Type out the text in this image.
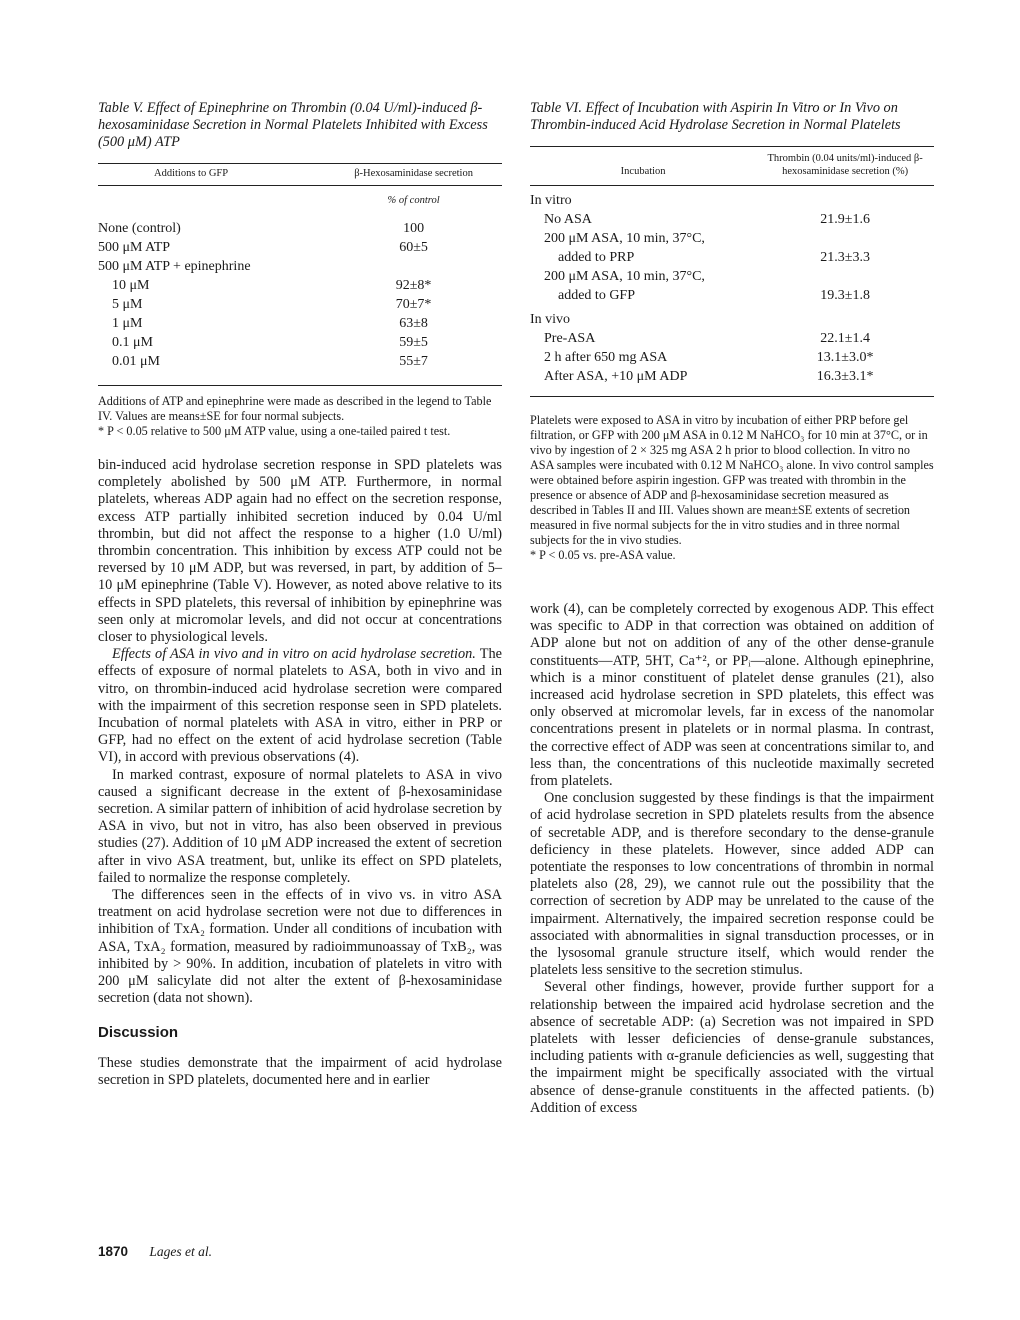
Table V. Effect of Epinephrine on Thrombin (0.04 U/ml)-induced β-hexosaminidase Secretion in Normal Platelets Inhibited with Excess (500 μM) ATP

Additions to GFP	β-Hexosaminidase secretion
	% of control
None (control)	100
500 μM ATP	60±5
500 μM ATP + epinephrine	
10 μM	92±8*
5 μM	70±7*
1 μM	63±8
0.1 μM	59±5
0.01 μM	55±7

Additions of ATP and epinephrine were made as described in the legend to Table IV. Values are means±SE for four normal subjects.

* P < 0.05 relative to 500 μM ATP value, using a one-tailed paired t test.

bin-induced acid hydrolase secretion response in SPD platelets was completely abolished by 500 μM ATP. Furthermore, in normal platelets, whereas ADP again had no effect on the secretion response, excess ATP partially inhibited secretion induced by 0.04 U/ml thrombin, but did not affect the response to a higher (1.0 U/ml) thrombin concentration. This inhibition by excess ATP could not be reversed by 10 μM ADP, but was reversed, in part, by addition of 5–10 μM epinephrine (Table V). However, as noted above relative to its effects in SPD platelets, this reversal of inhibition by epinephrine was seen only at micromolar levels, and did not occur at concentrations closer to physiological levels.

Effects of ASA in vivo and in vitro on acid hydrolase secretion. The effects of exposure of normal platelets to ASA, both in vivo and in vitro, on thrombin-induced acid hydrolase secretion were compared with the impairment of this secretion response seen in SPD platelets. Incubation of normal platelets with ASA in vitro, either in PRP or GFP, had no effect on the extent of acid hydrolase secretion (Table VI), in accord with previous observations (4).

In marked contrast, exposure of normal platelets to ASA in vivo caused a significant decrease in the extent of β-hexosaminidase secretion. A similar pattern of inhibition of acid hydrolase secretion by ASA in vivo, but not in vitro, has also been observed in previous studies (27). Addition of 10 μM ADP increased the extent of secretion after in vivo ASA treatment, but, unlike its effect on SPD platelets, failed to normalize the response completely.

The differences seen in the effects of in vivo vs. in vitro ASA treatment on acid hydrolase secretion were not due to differences in inhibition of TxA₂ formation. Under all conditions of incubation with ASA, TxA₂ formation, measured by radioimmunoassay of TxB₂, was inhibited by > 90%. In addition, incubation of platelets in vitro with 200 μM salicylate did not alter the extent of β-hexosaminidase secretion (data not shown).

Discussion

These studies demonstrate that the impairment of acid hydrolase secretion in SPD platelets, documented here and in earlier

Table VI. Effect of Incubation with Aspirin In Vitro or In Vivo on Thrombin-induced Acid Hydrolase Secretion in Normal Platelets

Incubation	Thrombin (0.04 units/ml)-induced β-hexosaminidase secretion (%)
In vitro	
No ASA	21.9±1.6
200 μM ASA, 10 min, 37°C,	
added to PRP	21.3±3.3
200 μM ASA, 10 min, 37°C,	
added to GFP	19.3±1.8
In vivo	
Pre-ASA	22.1±1.4
2 h after 650 mg ASA	13.1±3.0*
After ASA, +10 μM ADP	16.3±3.1*

Platelets were exposed to ASA in vitro by incubation of either PRP before gel filtration, or GFP with 200 μM ASA in 0.12 M NaHCO₃ for 10 min at 37°C, or in vivo by ingestion of 2 × 325 mg ASA 2 h prior to blood collection. In vitro no ASA samples were incubated with 0.12 M NaHCO₃ alone. In vivo control samples were obtained before aspirin ingestion. GFP was treated with thrombin in the presence or absence of ADP and β-hexosaminidase secretion measured as described in Tables II and III. Values shown are mean±SE extents of secretion measured in five normal subjects for the in vitro studies and in three normal subjects for the in vivo studies.

* P < 0.05 vs. pre-ASA value.

work (4), can be completely corrected by exogenous ADP. This effect was specific to ADP in that correction was obtained on addition of ADP alone but not on addition of any of the other dense-granule constituents—ATP, 5HT, Ca⁺², or PPᵢ—alone. Although epinephrine, which is a minor constituent of platelet dense granules (21), also increased acid hydrolase secretion in SPD platelets, this effect was only observed at micromolar levels, far in excess of the nanomolar concentrations present in platelets or in normal plasma. In contrast, the corrective effect of ADP was seen at concentrations similar to, and less than, the concentrations of this nucleotide maximally secreted from platelets.

One conclusion suggested by these findings is that the impairment of acid hydrolase secretion in SPD platelets results from the absence of secretable ADP, and is therefore secondary to the dense-granule deficiency in these platelets. However, since added ADP can potentiate the responses to low concentrations of thrombin in normal platelets also (28, 29), we cannot rule out the possibility that the correction of secretion by ADP may be unrelated to the cause of the impairment. Alternatively, the impaired secretion response could be associated with abnormalities in signal transduction processes, or in the lysosomal granule structure itself, which would render the platelets less sensitive to the secretion stimulus.

Several other findings, however, provide further support for a relationship between the impaired acid hydrolase secretion and the absence of secretable ADP: (a) Secretion was not impaired in SPD platelets with lesser deficiencies of dense-granule substances, including patients with α-granule deficiencies as well, suggesting that the impairment might be specifically associated with the virtual absence of dense-granule constituents in the affected patients. (b) Addition of excess

1870 Lages et al.
